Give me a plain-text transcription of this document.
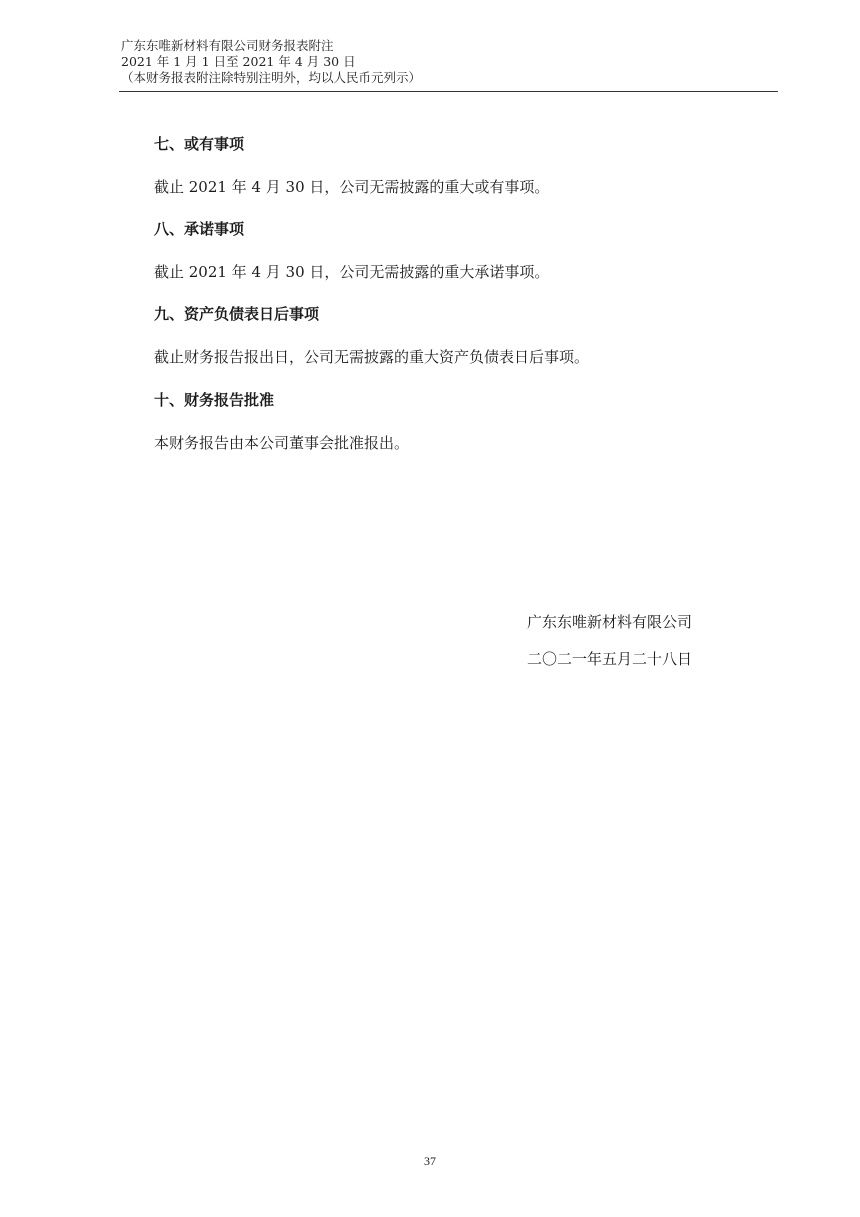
广东东唯新材料有限公司财务报表附注
2021 年 1 月 1 日至 2021 年 4 月 30 日
（本财务报表附注除特别注明外，均以人民币元列示）

七、或有事项

截止 2021 年 4 月 30 日，公司无需披露的重大或有事项。

八、承诺事项

截止 2021 年 4 月 30 日，公司无需披露的重大承诺事项。

九、资产负债表日后事项

截止财务报告报出日，公司无需披露的重大资产负债表日后事项。

十、财务报告批准

本财务报告由本公司董事会批准报出。

广东东唯新材料有限公司
二〇二一年五月二十八日
37
